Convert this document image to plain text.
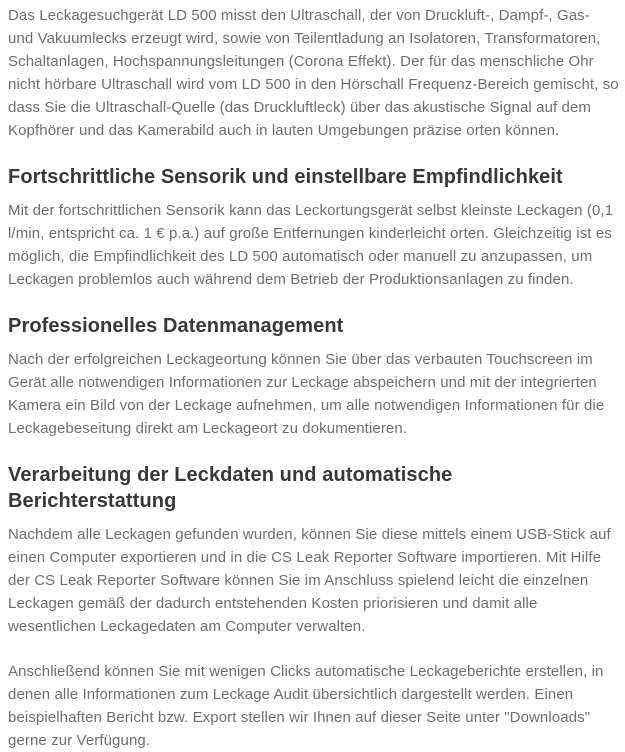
Das Leckagesuchgerät LD 500 misst den Ultraschall, der von Druckluft-, Dampf-, Gas- und Vakuumlecks erzeugt wird, sowie von Teilentladung an Isolatoren, Transformatoren, Schaltanlagen, Hochspannungsleitungen (Corona Effekt). Der für das menschliche Ohr nicht hörbare Ultraschall wird vom LD 500 in den Hörschall Frequenz-Bereich gemischt, so dass Sie die Ultraschall-Quelle (das Druckluftleck) über das akustische Signal auf dem Kopfhörer und das Kamerabild auch in lauten Umgebungen präzise orten können.

Fortschrittliche Sensorik und einstellbare Empfindlichkeit

Mit der fortschrittlichen Sensorik kann das Leckortungsgerät selbst kleinste Leckagen (0,1 l/min, entspricht ca. 1 € p.a.) auf große Entfernungen kinderleicht orten. Gleichzeitig ist es möglich, die Empfindlichkeit des LD 500 automatisch oder manuell zu anzupassen, um Leckagen problemlos auch während dem Betrieb der Produktionsanlagen zu finden.

Professionelles Datenmanagement

Nach der erfolgreichen Leckageortung können Sie über das verbauten Touchscreen im Gerät alle notwendigen Informationen zur Leckage abspeichern und mit der integrierten Kamera ein Bild von der Leckage aufnehmen, um alle notwendigen Informationen für die Leckagebeseitung direkt am Leckageort zu dokumentieren.

Verarbeitung der Leckdaten und automatische Berichterstattung

Nachdem alle Leckagen gefunden wurden, können Sie diese mittels einem USB-Stick auf einen Computer exportieren und in die CS Leak Reporter Software importieren. Mit Hilfe der CS Leak Reporter Software können Sie im Anschluss spielend leicht die einzelnen Leckagen gemäß der dadurch entstehenden Kosten priorisieren und damit alle wesentlichen Leckagedaten am Computer verwalten.

Anschließend können Sie mit wenigen Clicks automatische Leckageberichte erstellen, in denen alle Informationen zum Leckage Audit übersichtlich dargestellt werden. Einen beispielhaften Bericht bzw. Export stellen wir Ihnen auf dieser Seite unter "Downloads" gerne zur Verfügung.
